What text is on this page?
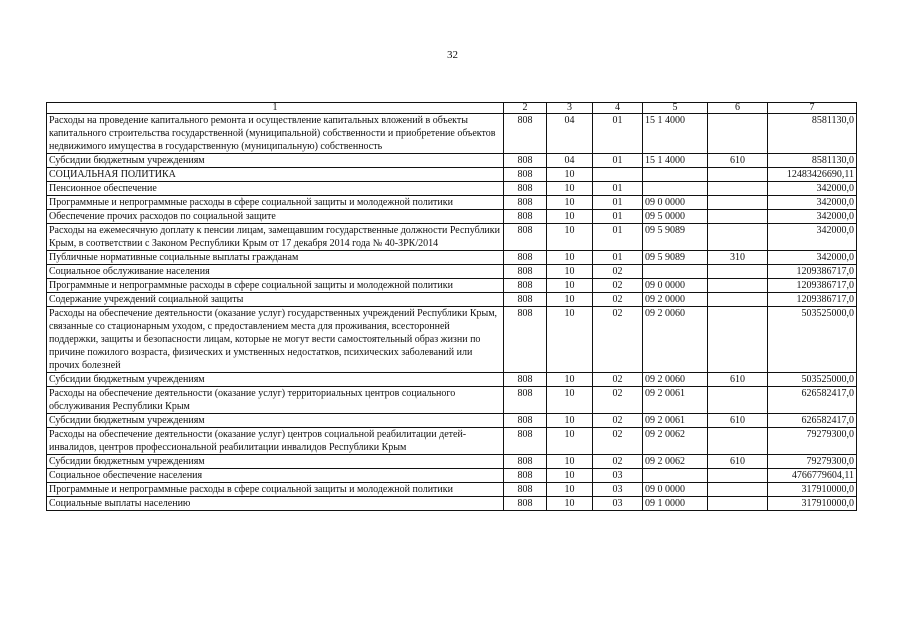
32
1	2	3	4	5	6	7
Расходы на проведение капитального ремонта и осуществление капитальных вложений в объекты капитального строительства государственной (муниципальной) собственности и приобретение объектов недвижимого имущества в государственную (муниципальную) собственность	808	04	01	15 1 4000		8581130,0
Субсидии бюджетным учреждениям	808	04	01	15 1 4000	610	8581130,0
СОЦИАЛЬНАЯ ПОЛИТИКА	808	10				12483426690,11
Пенсионное обеспечение	808	10	01			342000,0
Программные и непрограммные расходы в сфере социальной защиты и молодежной политики	808	10	01	09 0 0000		342000,0
Обеспечение прочих расходов по социальной защите	808	10	01	09 5 0000		342000,0
Расходы на ежемесячную доплату к пенсии лицам, замещавшим государственные должности Республики Крым, в соответствии с Законом Республики Крым от 17 декабря 2014 года № 40-ЗРК/2014	808	10	01	09 5 9089		342000,0
Публичные нормативные социальные выплаты гражданам	808	10	01	09 5 9089	310	342000,0
Социальное обслуживание населения	808	10	02			1209386717,0
Программные и непрограммные расходы в сфере социальной защиты и молодежной политики	808	10	02	09 0 0000		1209386717,0
Содержание учреждений социальной защиты	808	10	02	09 2 0000		1209386717,0
Расходы на обеспечение деятельности (оказание услуг) государственных учреждений Республики Крым, связанные со стационарным уходом, с предоставлением места для проживания, всесторонней поддержки, защиты и безопасности лицам, которые не могут вести самостоятельный образ жизни по причине пожилого возраста, физических и умственных недостатков, психических заболеваний или прочих болезней	808	10	02	09 2 0060		503525000,0
Субсидии бюджетным учреждениям	808	10	02	09 2 0060	610	503525000,0
Расходы на обеспечение деятельности (оказание услуг) территориальных центров социального обслуживания Республики Крым	808	10	02	09 2 0061		626582417,0
Субсидии бюджетным учреждениям	808	10	02	09 2 0061	610	626582417,0
Расходы на обеспечение деятельности (оказание услуг) центров социальной реабилитации детей-инвалидов, центров профессиональной реабилитации инвалидов Республики Крым	808	10	02	09 2 0062		79279300,0
Субсидии бюджетным учреждениям	808	10	02	09 2 0062	610	79279300,0
Социальное обеспечение населения	808	10	03			4766779604,11
Программные и непрограммные расходы в сфере социальной защиты и молодежной политики	808	10	03	09 0 0000		317910000,0
Социальные выплаты населению	808	10	03	09 1 0000		317910000,0
